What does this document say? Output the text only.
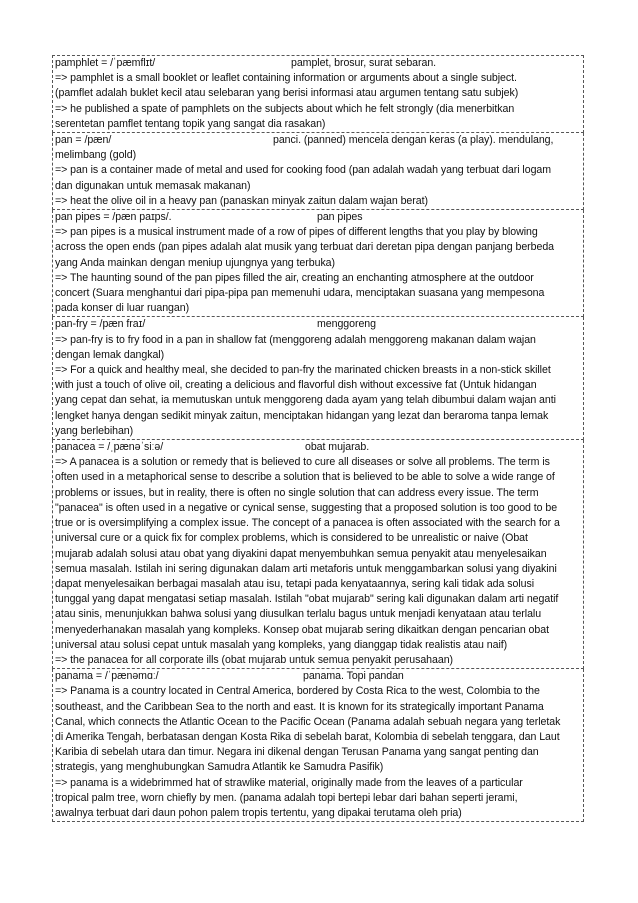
pamphlet = /ˈpæmflɪt/	pamplet, brosur, surat sebaran.
=> pamphlet is a small booklet or leaflet containing information or arguments about a single subject.
(pamflet adalah buklet kecil atau selebaran yang berisi informasi atau argumen tentang satu subjek)
=> he published a spate of pamphlets on the subjects about which he felt strongly (dia menerbitkan
serentetan pamflet tentang topik yang sangat dia rasakan)
pan = /pæn/	panci. (panned) mencela dengan keras (a play). mendulang,
melimbang (gold)
=> pan is a container made of metal and used for cooking food (pan adalah wadah yang terbuat dari logam
dan digunakan untuk memasak makanan)
=> heat the olive oil in a heavy pan (panaskan minyak zaitun dalam wajan berat)
pan pipes = /pæn paɪps/.	pan pipes
=> pan pipes is a musical instrument made of a row of pipes of different lengths that you play by blowing
across the open ends (pan pipes adalah alat musik yang terbuat dari deretan pipa dengan panjang berbeda
yang Anda mainkan dengan meniup ujungnya yang terbuka)
=> The haunting sound of the pan pipes filled the air, creating an enchanting atmosphere at the outdoor
concert (Suara menghantui dari pipa-pipa pan memenuhi udara, menciptakan suasana yang mempesona
pada konser di luar ruangan)
pan-fry = /pæn fraɪ/	menggoreng
=> pan-fry is to fry food in a pan in shallow fat (menggoreng adalah menggoreng makanan dalam wajan
dengan lemak dangkal)
=> For a quick and healthy meal, she decided to pan-fry the marinated chicken breasts in a non-stick skillet
with just a touch of olive oil, creating a delicious and flavorful dish without excessive fat (Untuk hidangan
yang cepat dan sehat, ia memutuskan untuk menggoreng dada ayam yang telah dibumbui dalam wajan anti
lengket hanya dengan sedikit minyak zaitun, menciptakan hidangan yang lezat dan beraroma tanpa lemak
yang berlebihan)
panacea = /ˌpænəˈsiːə/	obat mujarab.
=> A panacea is a solution or remedy that is believed to cure all diseases or solve all problems. The term is
often used in a metaphorical sense to describe a solution that is believed to be able to solve a wide range of
problems or issues, but in reality, there is often no single solution that can address every issue. The term
"panacea" is often used in a negative or cynical sense, suggesting that a proposed solution is too good to be
true or is oversimplifying a complex issue. The concept of a panacea is often associated with the search for a
universal cure or a quick fix for complex problems, which is considered to be unrealistic or naive (Obat
mujarab adalah solusi atau obat yang diyakini dapat menyembuhkan semua penyakit atau menyelesaikan
semua masalah. Istilah ini sering digunakan dalam arti metaforis untuk menggambarkan solusi yang diyakini
dapat menyelesaikan berbagai masalah atau isu, tetapi pada kenyataannya, sering kali tidak ada solusi
tunggal yang dapat mengatasi setiap masalah. Istilah "obat mujarab" sering kali digunakan dalam arti negatif
atau sinis, menunjukkan bahwa solusi yang diusulkan terlalu bagus untuk menjadi kenyataan atau terlalu
menyederhanakan masalah yang kompleks. Konsep obat mujarab sering dikaitkan dengan pencarian obat
universal atau solusi cepat untuk masalah yang kompleks, yang dianggap tidak realistis atau naif)
=> the panacea for all corporate ills (obat mujarab untuk semua penyakit perusahaan)
panama = /ˈpænəmɑː/	panama. Topi pandan
=> Panama is a country located in Central America, bordered by Costa Rica to the west, Colombia to the
southeast, and the Caribbean Sea to the north and east. It is known for its strategically important Panama
Canal, which connects the Atlantic Ocean to the Pacific Ocean (Panama adalah sebuah negara yang terletak
di Amerika Tengah, berbatasan dengan Kosta Rika di sebelah barat, Kolombia di sebelah tenggara, dan Laut
Karibia di sebelah utara dan timur. Negara ini dikenal dengan Terusan Panama yang sangat penting dan
strategis, yang menghubungkan Samudra Atlantik ke Samudra Pasifik)
=> panama is a widebrimmed hat of strawlike material, originally made from the leaves of a particular
tropical palm tree, worn chiefly by men. (panama adalah topi bertepi lebar dari bahan seperti jerami,
awalnya terbuat dari daun pohon palem tropis tertentu, yang dipakai terutama oleh pria)
